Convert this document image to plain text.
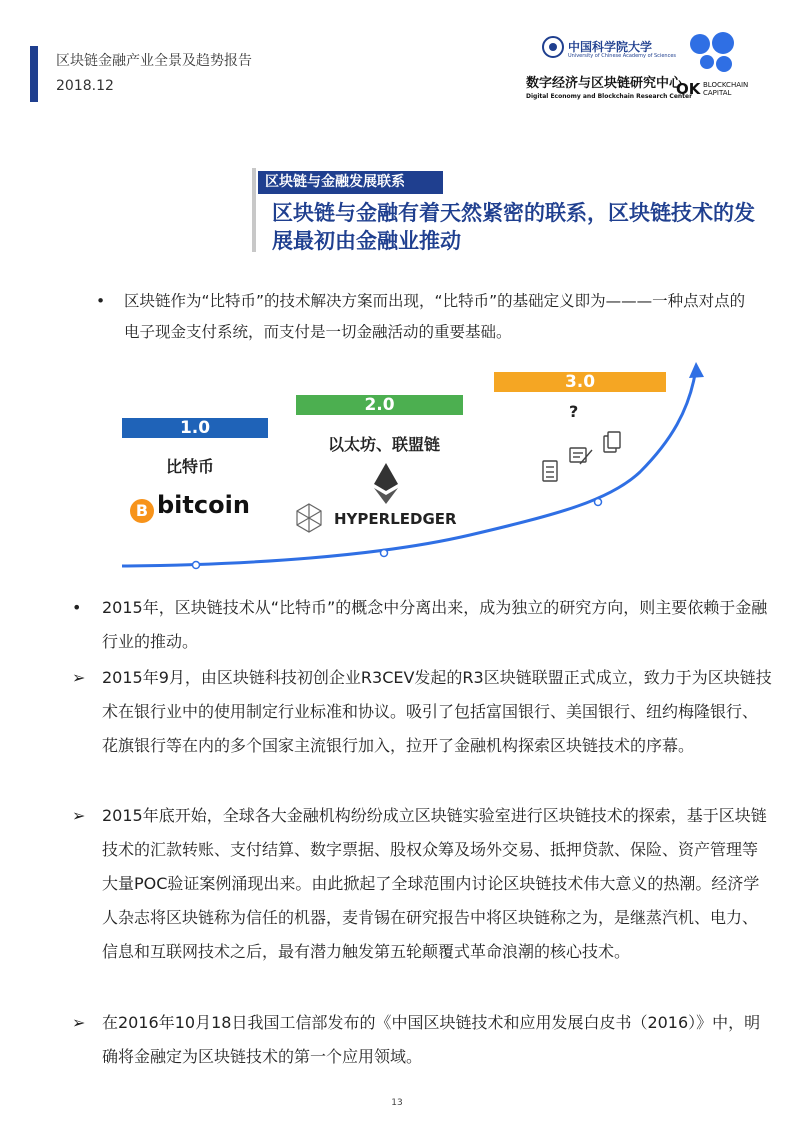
区块链金融产业全景及趋势报告
2018.12
中国科学院大学
University of Chinese Academy of Sciences
数字经济与区块链研究中心
Digital Economy and Blockchain Research Center
OK BLOCKCHAIN
CAPITAL
区块链与金融发展联系
区块链与金融有着天然紧密的联系，区块链技术的发展最初由金融业推动
•	区块链作为“比特币”的技术解决方案而出现，“比特币”的基础定义即为———一种点对点的电子现金支付系统，而支付是一切金融活动的重要基础。
1.0
比特币
2.0
以太坊、联盟链
3.0
?
B bitcoin	HYPERLEDGER
•	2015年，区块链技术从“比特币”的概念中分离出来，成为独立的研究方向，则主要依赖于金融行业的推动。
➢	2015年9月，由区块链科技初创企业R3CEV发起的R3区块链联盟正式成立，致力于为区块链技术在银行业中的使用制定行业标准和协议。吸引了包括富国银行、美国银行、纽约梅隆银行、花旗银行等在内的多个国家主流银行加入，拉开了金融机构探索区块链技术的序幕。
➢	2015年底开始，全球各大金融机构纷纷成立区块链实验室进行区块链技术的探索，基于区块链技术的汇款转账、支付结算、数字票据、股权众筹及场外交易、抵押贷款、保险、资产管理等大量POC验证案例涌现出来。由此掀起了全球范围内讨论区块链技术伟大意义的热潮。经济学人杂志将区块链称为信任的机器，麦肯锡在研究报告中将区块链称之为，是继蒸汽机、电力、信息和互联网技术之后，最有潜力触发第五轮颠覆式革命浪潮的核心技术。
➢	在2016年10月18日我国工信部发布的《中国区块链技术和应用发展白皮书（2016）》中，明确将金融定为区块链技术的第一个应用领域。
13
